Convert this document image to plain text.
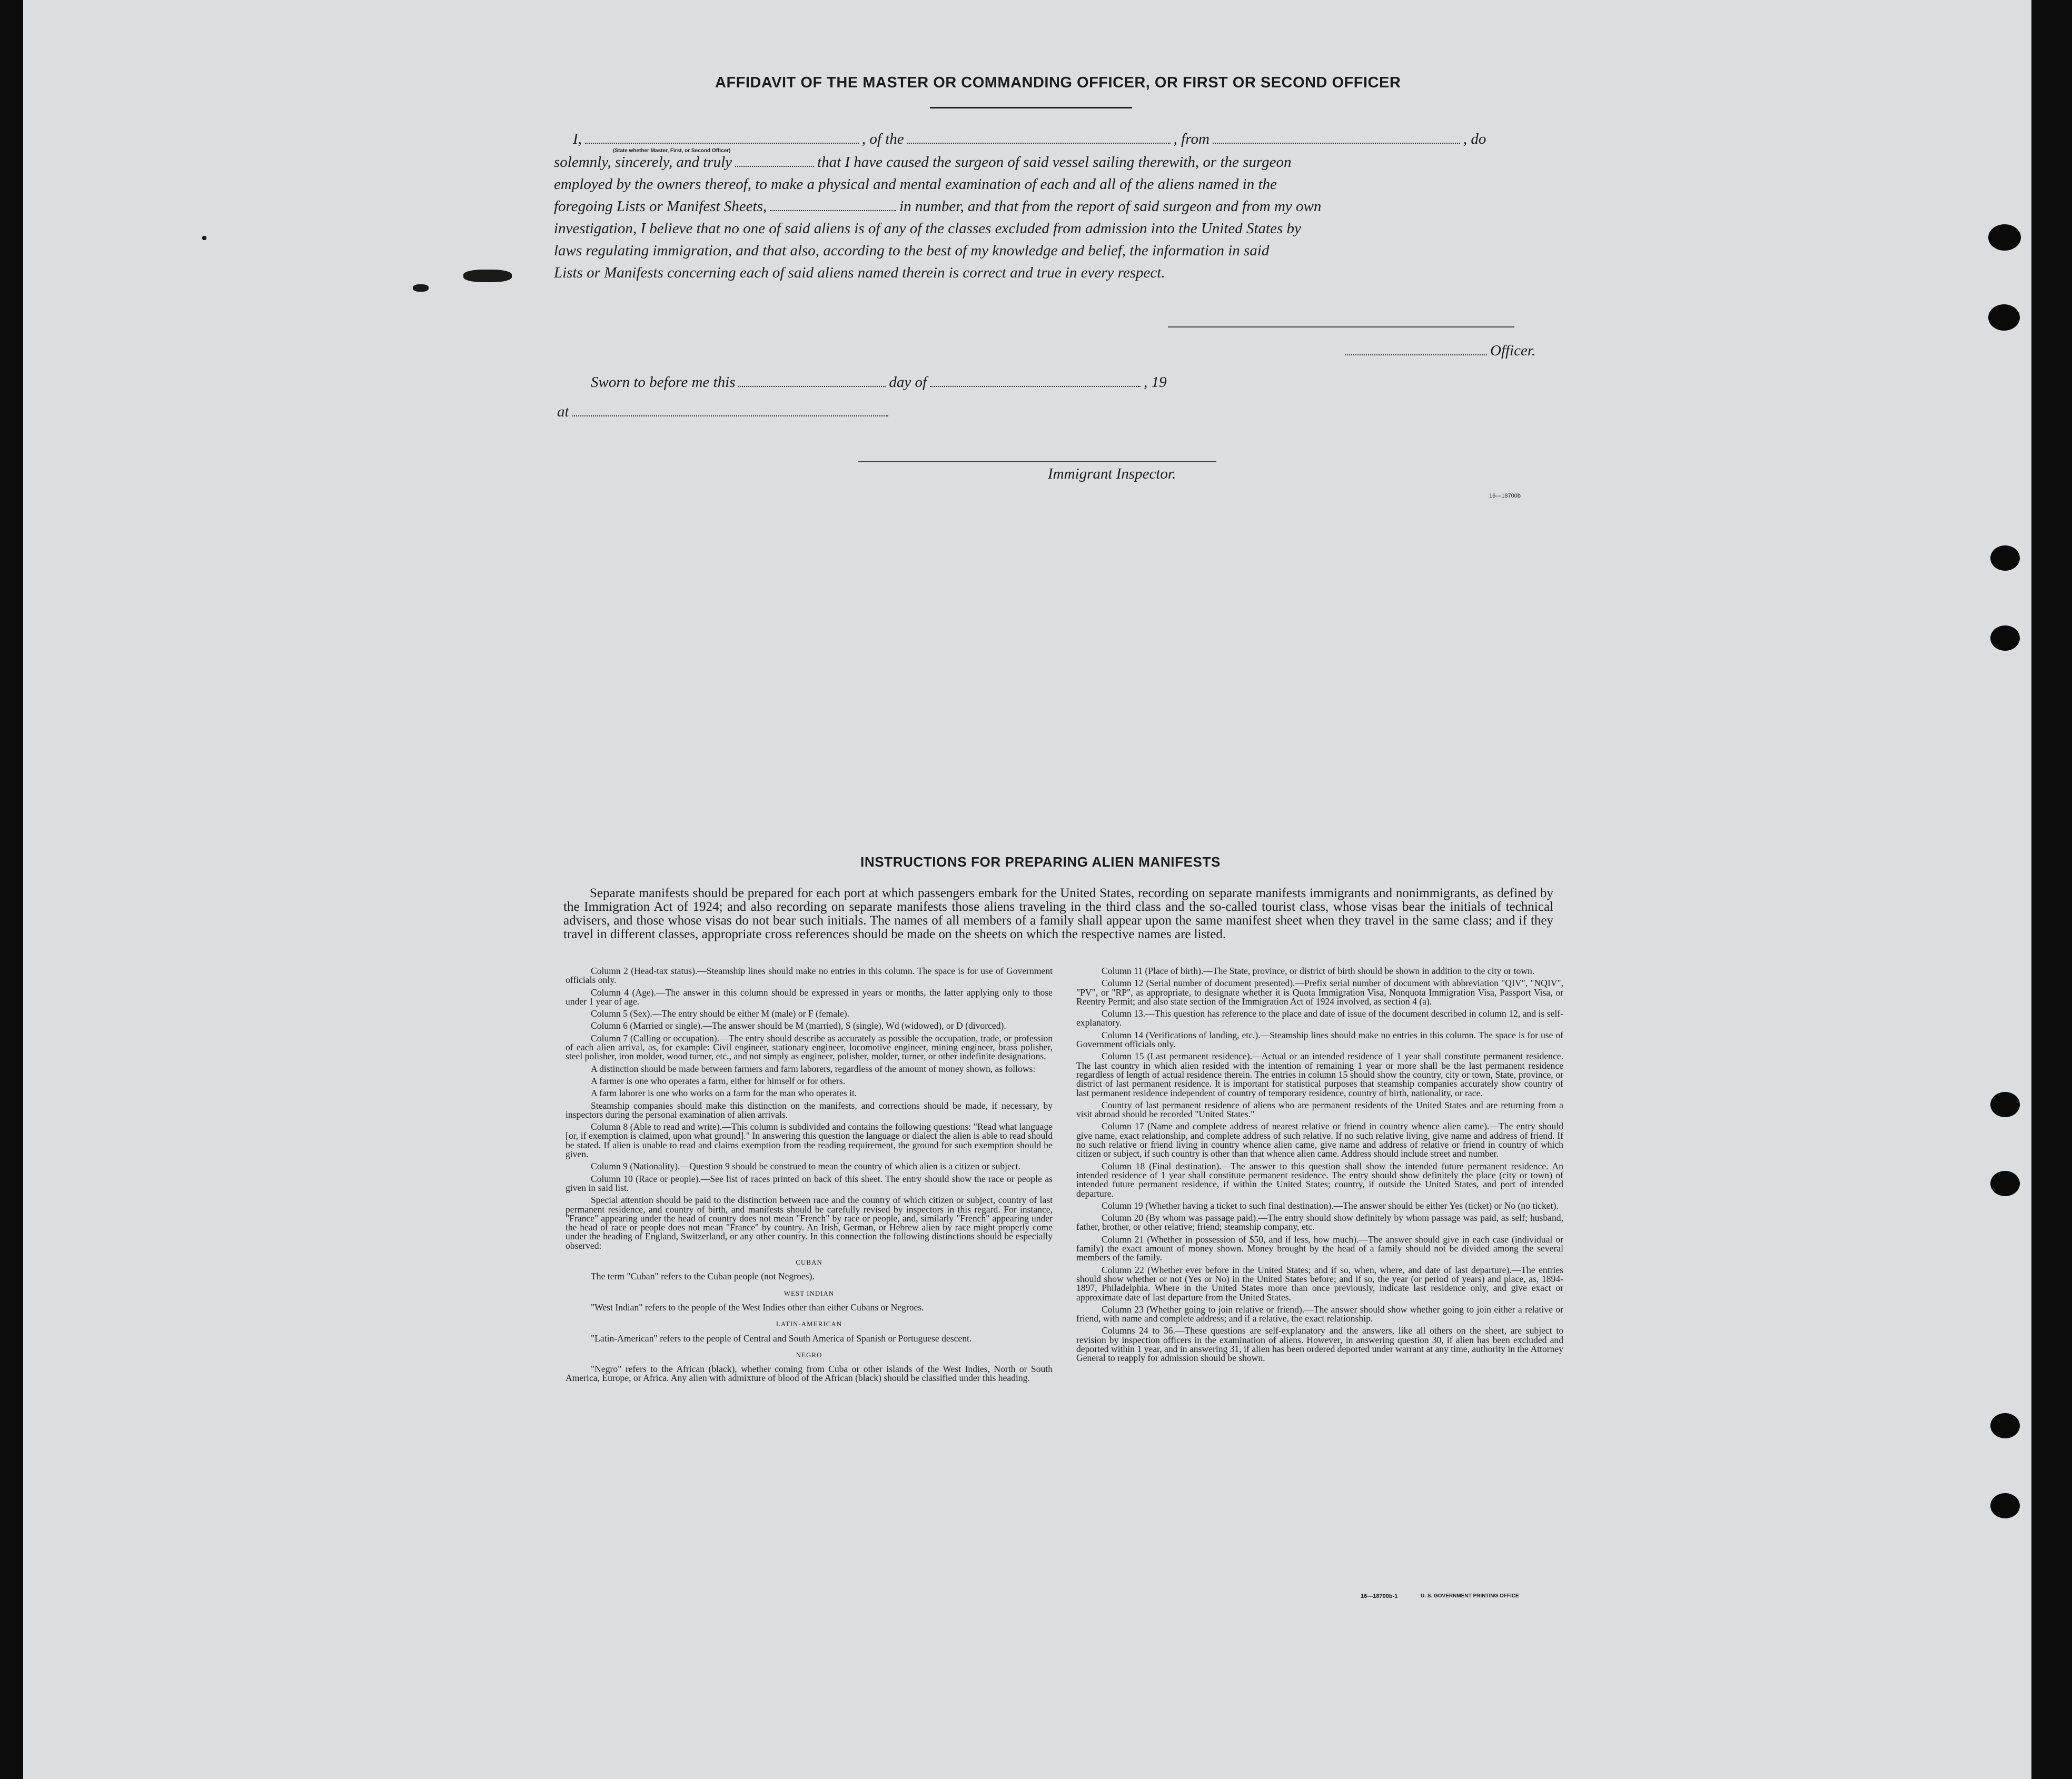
AFFIDAVIT OF THE MASTER OR COMMANDING OFFICER, OR FIRST OR SECOND OFFICER
I,	, of the	, from	, do
(State whether Master, First, or Second Officer)
solemnly, sincerely, and truly	that I have caused the surgeon of said vessel sailing therewith, or the surgeon
employed by the owners thereof, to make a physical and mental examination of each and all of the aliens named in the
foregoing Lists or Manifest Sheets,	in number, and that from the report of said surgeon and from my own
investigation, I believe that no one of said aliens is of any of the classes excluded from admission into the United States by
laws regulating immigration, and that also, according to the best of my knowledge and belief, the information in said
Lists or Manifests concerning each of said aliens named therein is correct and true in every respect.
Officer.
Sworn to before me this	day of	, 19
at
Immigrant Inspector.
16—18700b
INSTRUCTIONS FOR PREPARING ALIEN MANIFESTS

Separate manifests should be prepared for each port at which passengers embark for the United States, recording on separate manifests immigrants and nonimmigrants, as defined by the Immigration Act of 1924; and also recording on separate manifests those aliens traveling in the third class and the so-called tourist class, whose visas bear the initials of technical advisers, and those whose visas do not bear such initials. The names of all members of a family shall appear upon the same manifest sheet when they travel in the same class; and if they travel in different classes, appropriate cross references should be made on the sheets on which the respective names are listed.

Column 2 (Head-tax status).—Steamship lines should make no entries in this column. The space is for use of Government officials only.

Column 4 (Age).—The answer in this column should be expressed in years or months, the latter applying only to those under 1 year of age.

Column 5 (Sex).—The entry should be either M (male) or F (female).

Column 6 (Married or single).—The answer should be M (married), S (single), Wd (widowed), or D (divorced).

Column 7 (Calling or occupation).—The entry should describe as accurately as possible the occupation, trade, or profession of each alien arrival, as, for example: Civil engineer, stationary engineer, locomotive engineer, mining engineer, brass polisher, steel polisher, iron molder, wood turner, etc., and not simply as engineer, polisher, molder, turner, or other indefinite designations.

A distinction should be made between farmers and farm laborers, regardless of the amount of money shown, as follows:

A farmer is one who operates a farm, either for himself or for others.

A farm laborer is one who works on a farm for the man who operates it.

Steamship companies should make this distinction on the manifests, and corrections should be made, if necessary, by inspectors during the personal examination of alien arrivals.

Column 8 (Able to read and write).—This column is subdivided and contains the following questions: "Read what language [or, if exemption is claimed, upon what ground]." In answering this question the language or dialect the alien is able to read should be stated. If alien is unable to read and claims exemption from the reading requirement, the ground for such exemption should be given.

Column 9 (Nationality).—Question 9 should be construed to mean the country of which alien is a citizen or subject.

Column 10 (Race or people).—See list of races printed on back of this sheet. The entry should show the race or people as given in said list.

Special attention should be paid to the distinction between race and the country of which citizen or subject, country of last permanent residence, and country of birth, and manifests should be carefully revised by inspectors in this regard. For instance, "France" appearing under the head of country does not mean "French" by race or people, and, similarly "French" appearing under the head of race or people does not mean "France" by country. An Irish, German, or Hebrew alien by race might properly come under the heading of England, Switzerland, or any other country. In this connection the following distinctions should be especially observed:

CUBAN

The term "Cuban" refers to the Cuban people (not Negroes).

WEST INDIAN

"West Indian" refers to the people of the West Indies other than either Cubans or Negroes.

LATIN-AMERICAN

"Latin-American" refers to the people of Central and South America of Spanish or Portuguese descent.

NEGRO

"Negro" refers to the African (black), whether coming from Cuba or other islands of the West Indies, North or South America, Europe, or Africa. Any alien with admixture of blood of the African (black) should be classified under this heading.

Column 11 (Place of birth).—The State, province, or district of birth should be shown in addition to the city or town.

Column 12 (Serial number of document presented).—Prefix serial number of document with abbreviation "QIV", "NQIV", "PV", or "RP", as appropriate, to designate whether it is Quota Immigration Visa, Nonquota Immigration Visa, Passport Visa, or Reentry Permit; and also state section of the Immigration Act of 1924 involved, as section 4 (a).

Column 13.—This question has reference to the place and date of issue of the document described in column 12, and is self-explanatory.

Column 14 (Verifications of landing, etc.).—Steamship lines should make no entries in this column. The space is for use of Government officials only.

Column 15 (Last permanent residence).—Actual or an intended residence of 1 year shall constitute permanent residence. The last country in which alien resided with the intention of remaining 1 year or more shall be the last permanent residence regardless of length of actual residence therein. The entries in column 15 should show the country, city or town, State, province, or district of last permanent residence. It is important for statistical purposes that steamship companies accurately show country of last permanent residence independent of country of temporary residence, country of birth, nationality, or race.

Country of last permanent residence of aliens who are permanent residents of the United States and are returning from a visit abroad should be recorded "United States."

Column 17 (Name and complete address of nearest relative or friend in country whence alien came).—The entry should give name, exact relationship, and complete address of such relative. If no such relative living, give name and address of friend. If no such relative or friend living in country whence alien came, give name and address of relative or friend in country of which citizen or subject, if such country is other than that whence alien came. Address should include street and number.

Column 18 (Final destination).—The answer to this question shall show the intended future permanent residence. An intended residence of 1 year shall constitute permanent residence. The entry should show definitely the place (city or town) of intended future permanent residence, if within the United States; country, if outside the United States, and port of intended departure.

Column 19 (Whether having a ticket to such final destination).—The answer should be either Yes (ticket) or No (no ticket).

Column 20 (By whom was passage paid).—The entry should show definitely by whom passage was paid, as self; husband, father, brother, or other relative; friend; steamship company, etc.

Column 21 (Whether in possession of $50, and if less, how much).—The answer should give in each case (individual or family) the exact amount of money shown. Money brought by the head of a family should not be divided among the several members of the family.

Column 22 (Whether ever before in the United States; and if so, when, where, and date of last departure).—The entries should show whether or not (Yes or No) in the United States before; and if so, the year (or period of years) and place, as, 1894-1897, Philadelphia. Where in the United States more than once previously, indicate last residence only, and give exact or approximate date of last departure from the United States.

Column 23 (Whether going to join relative or friend).—The answer should show whether going to join either a relative or friend, with name and complete address; and if a relative, the exact relationship.

Columns 24 to 36.—These questions are self-explanatory and the answers, like all others on the sheet, are subject to revision by inspection officers in the examination of aliens. However, in answering question 30, if alien has been excluded and deported within 1 year, and in answering 31, if alien has been ordered deported under warrant at any time, authority in the Attorney General to reapply for admission should be shown.

16—18700b-1	U. S. GOVERNMENT PRINTING OFFICE
